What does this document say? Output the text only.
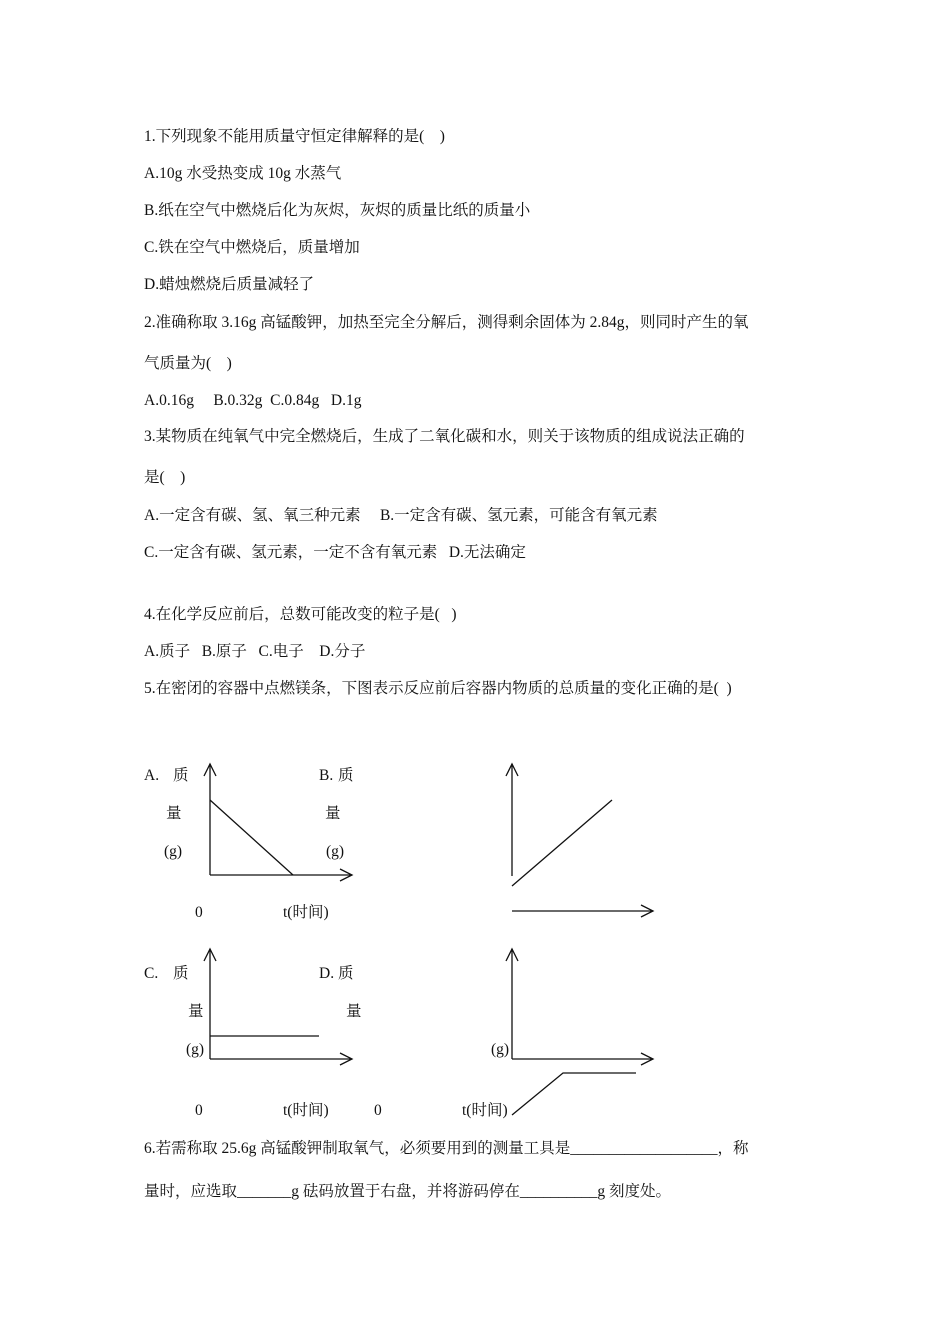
1.下列现象不能用质量守恒定律解释的是(    )
A.10g 水受热变成 10g 水蒸气
B.纸在空气中燃烧后化为灰烬，灰烬的质量比纸的质量小
C.铁在空气中燃烧后，质量增加
D.蜡烛燃烧后质量减轻了
2.准确称取 3.16g 高锰酸钾，加热至完全分解后，测得剩余固体为 2.84g，则同时产生的氧
气质量为(    )
A.0.16g     B.0.32g  C.0.84g   D.1g
3.某物质在纯氧气中完全燃烧后，生成了二氧化碳和水，则关于该物质的组成说法正确的
是(    )
A.一定含有碳、氢、氧三种元素     B.一定含有碳、氢元素，可能含有氧元素
C.一定含有碳、氢元素，一定不含有氧元素   D.无法确定
4.在化学反应前后，总数可能改变的粒子是(   )
A.质子   B.原子   C.电子    D.分子
5.在密闭的容器中点燃镁条，下图表示反应前后容器内物质的总质量的变化正确的是(  )
A. 质
量
(g)
0	t(时间)
B. 质
量
(g)
C. 质
量
(g)
0	t(时间)
D. 质
量
(g)
0	t(时间)
6.若需称取 25.6g 高锰酸钾制取氧气，必须要用到的测量工具是___________________，称
量时，应选取_______g 砝码放置于右盘，并将游码停在__________g 刻度处。
